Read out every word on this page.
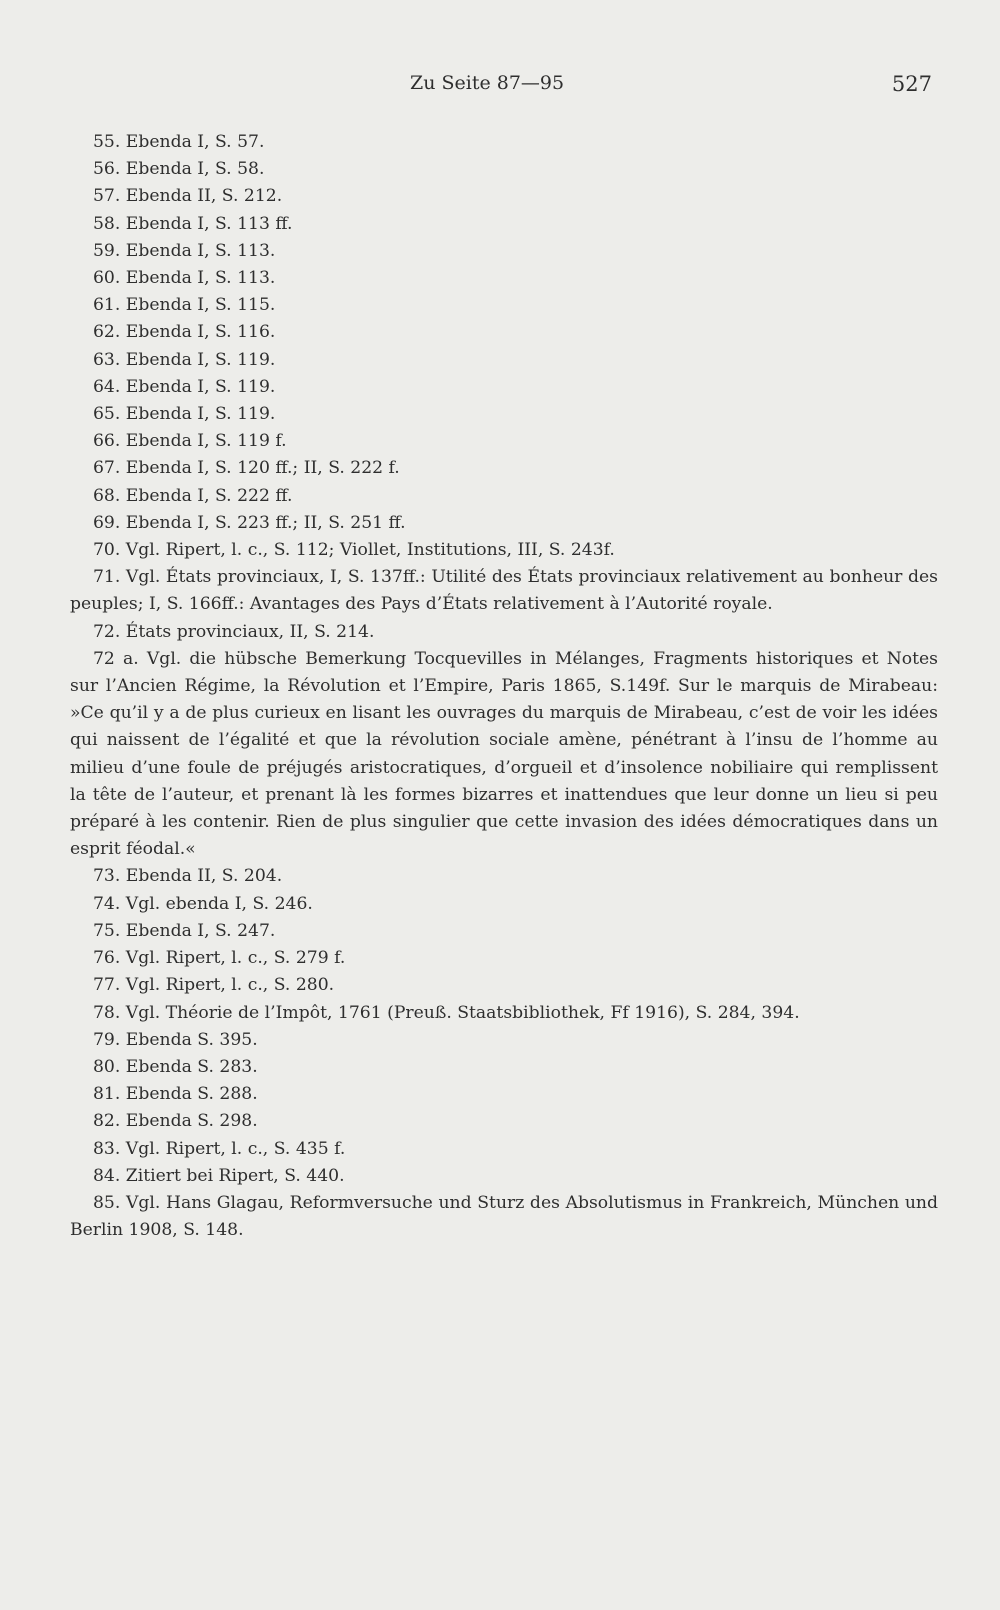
Zu Seite 87—95	527
55. Ebenda I, S. 57.
56. Ebenda I, S. 58.
57. Ebenda II, S. 212.
58. Ebenda I, S. 113 ff.
59. Ebenda I, S. 113.
60. Ebenda I, S. 113.
61. Ebenda I, S. 115.
62. Ebenda I, S. 116.
63. Ebenda I, S. 119.
64. Ebenda I, S. 119.
65. Ebenda I, S. 119.
66. Ebenda I, S. 119 f.
67. Ebenda I, S. 120 ff.; II, S. 222 f.
68. Ebenda I, S. 222 ff.
69. Ebenda I, S. 223 ff.; II, S. 251 ff.
70. Vgl. Ripert, l. c., S. 112; Viollet, Institutions, III, S. 243f.
71. Vgl. États provinciaux, I, S. 137ff.: Utilité des États provinciaux relativement au bonheur des peuples; I, S. 166ff.: Avantages des Pays d’États relativement à l’Autorité royale.
72. États provinciaux, II, S. 214.
72 a. Vgl. die hübsche Bemerkung Tocquevilles in Mélanges, Fragments historiques et Notes sur l’Ancien Régime, la Révolution et l’Empire, Paris 1865, S.149f. Sur le marquis de Mirabeau: »Ce qu’il y a de plus curieux en lisant les ouvrages du marquis de Mirabeau, c’est de voir les idées qui naissent de l’égalité et que la révolution sociale amène, pénétrant à l’insu de l’homme au milieu d’une foule de préjugés aristocratiques, d’orgueil et d’insolence nobiliaire qui remplissent la tête de l’auteur, et prenant là les formes bizarres et inattendues que leur donne un lieu si peu préparé à les contenir. Rien de plus singulier que cette invasion des idées démocratiques dans un esprit féodal.«
73. Ebenda II, S. 204.
74. Vgl. ebenda I, S. 246.
75. Ebenda I, S. 247.
76. Vgl. Ripert, l. c., S. 279 f.
77. Vgl. Ripert, l. c., S. 280.
78. Vgl. Théorie de l’Impôt, 1761 (Preuß. Staatsbibliothek, Ff 1916), S. 284, 394.
79. Ebenda S. 395.
80. Ebenda S. 283.
81. Ebenda S. 288.
82. Ebenda S. 298.
83. Vgl. Ripert, l. c., S. 435 f.
84. Zitiert bei Ripert, S. 440.
85. Vgl. Hans Glagau, Reformversuche und Sturz des Absolutismus in Frankreich, München und Berlin 1908, S. 148.
